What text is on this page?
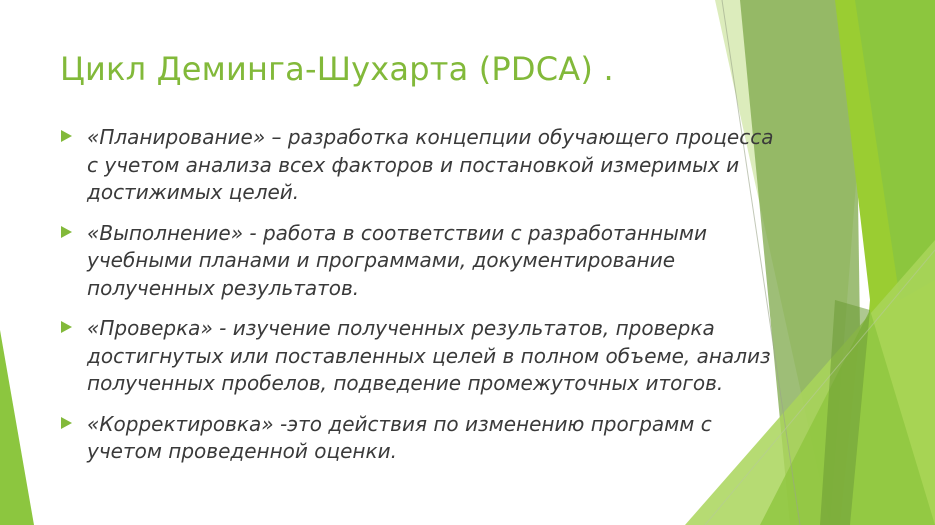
Цикл Деминга-Шухарта (PDCA) .
«Планирование» – разработка концепции обучающего процесса с учетом анализа всех факторов и постановкой измеримых и достижимых целей.
«Выполнение» - работа в соответствии с разработанными учебными планами и программами, документирование полученных результатов.
«Проверка» - изучение полученных результатов, проверка достигнутых или поставленных целей в полном объеме, анализ полученных пробелов, подведение промежуточных итогов.
«Корректировка» -это действия по изменению программ с учетом проведенной оценки.
